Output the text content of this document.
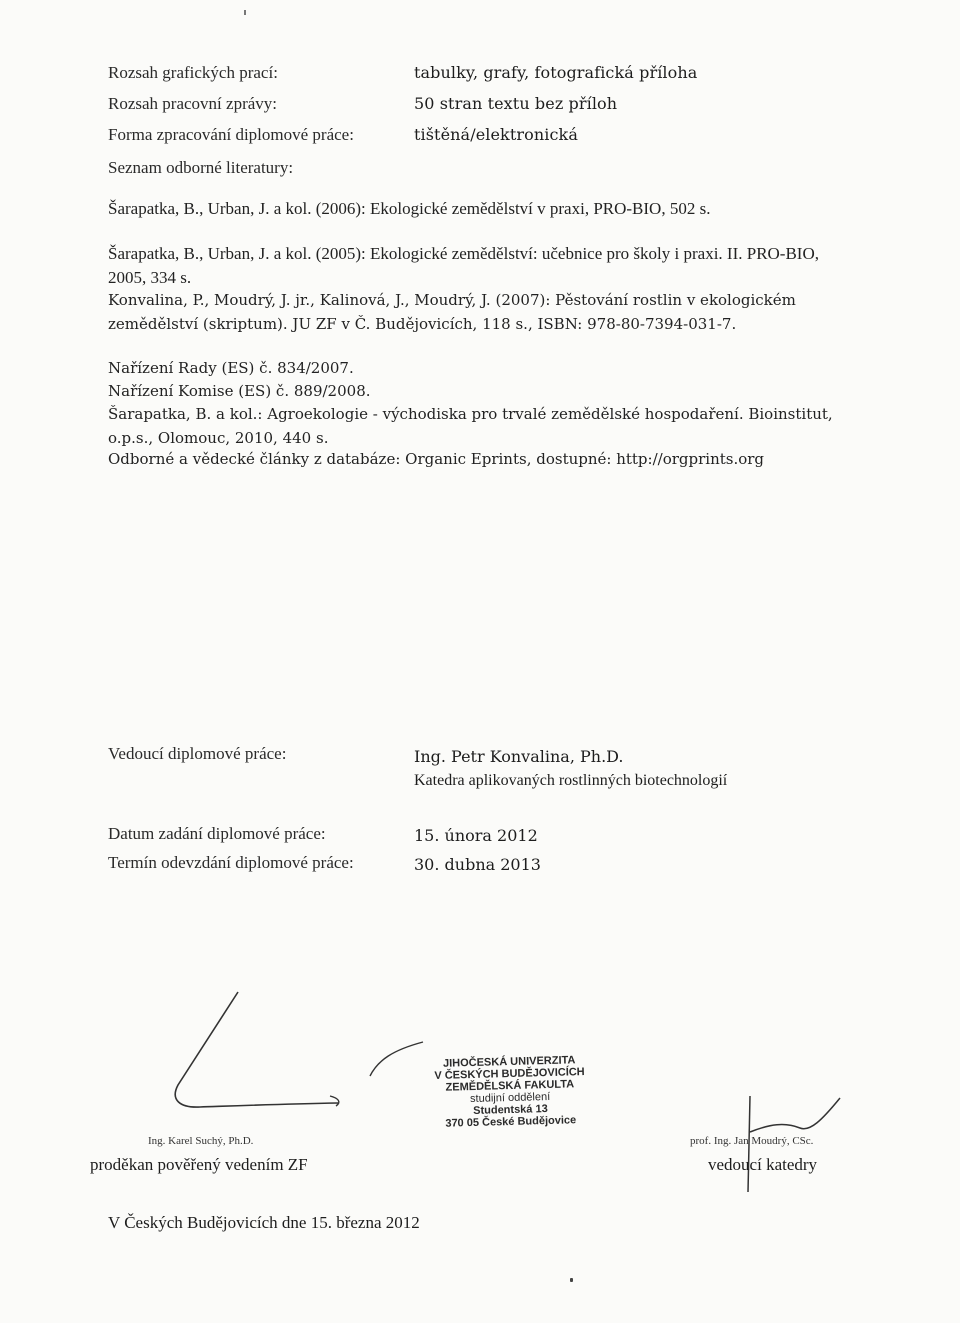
Rozsah grafických prací:	tabulky, grafy, fotografická příloha
Rozsah pracovní zprávy:	50 stran textu bez příloh
Forma zpracování diplomové práce:	tištěná/elektronická
Seznam odborné literatury:
Šarapatka, B., Urban, J. a kol. (2006): Ekologické zemědělství v praxi, PRO-BIO, 502 s.
Šarapatka, B., Urban, J. a kol. (2005): Ekologické zemědělství: učebnice pro školy i praxi. II. PRO-BIO, 2005, 334 s.
Konvalina, P., Moudrý, J. jr., Kalinová, J., Moudrý, J. (2007): Pěstování rostlin v ekologickém zemědělství (skriptum). JU ZF v Č. Budějovicích, 118 s., ISBN: 978-80-7394-031-7.
Nařízení Rady (ES) č. 834/2007.
Nařízení Komise (ES) č. 889/2008.
Šarapatka, B. a kol.: Agroekologie - východiska pro trvalé zemědělské hospodaření. Bioinstitut, o.p.s., Olomouc, 2010, 440 s.
Odborné a vědecké články z databáze: Organic Eprints, dostupné: http://orgprints.org
Vedoucí diplomové práce:	Ing. Petr Konvalina, Ph.D.
Katedra aplikovaných rostlinných biotechnologií
Datum zadání diplomové práce:	15. února 2012
Termín odevzdání diplomové práce:	30. dubna 2013
Ing. Karel Suchý, Ph.D.
proděkan pověřený vedením ZF
JIHOČESKÁ UNIVERZITA
V ČESKÝCH BUDĚJOVICÍCH
ZEMĚDĚLSKÁ FAKULTA
studijní oddělení
Studentská 13
370 05 České Budějovice
prof. Ing. Jan Moudrý, CSc.
vedoucí katedry
V Českých Budějovicích dne 15. března 2012
